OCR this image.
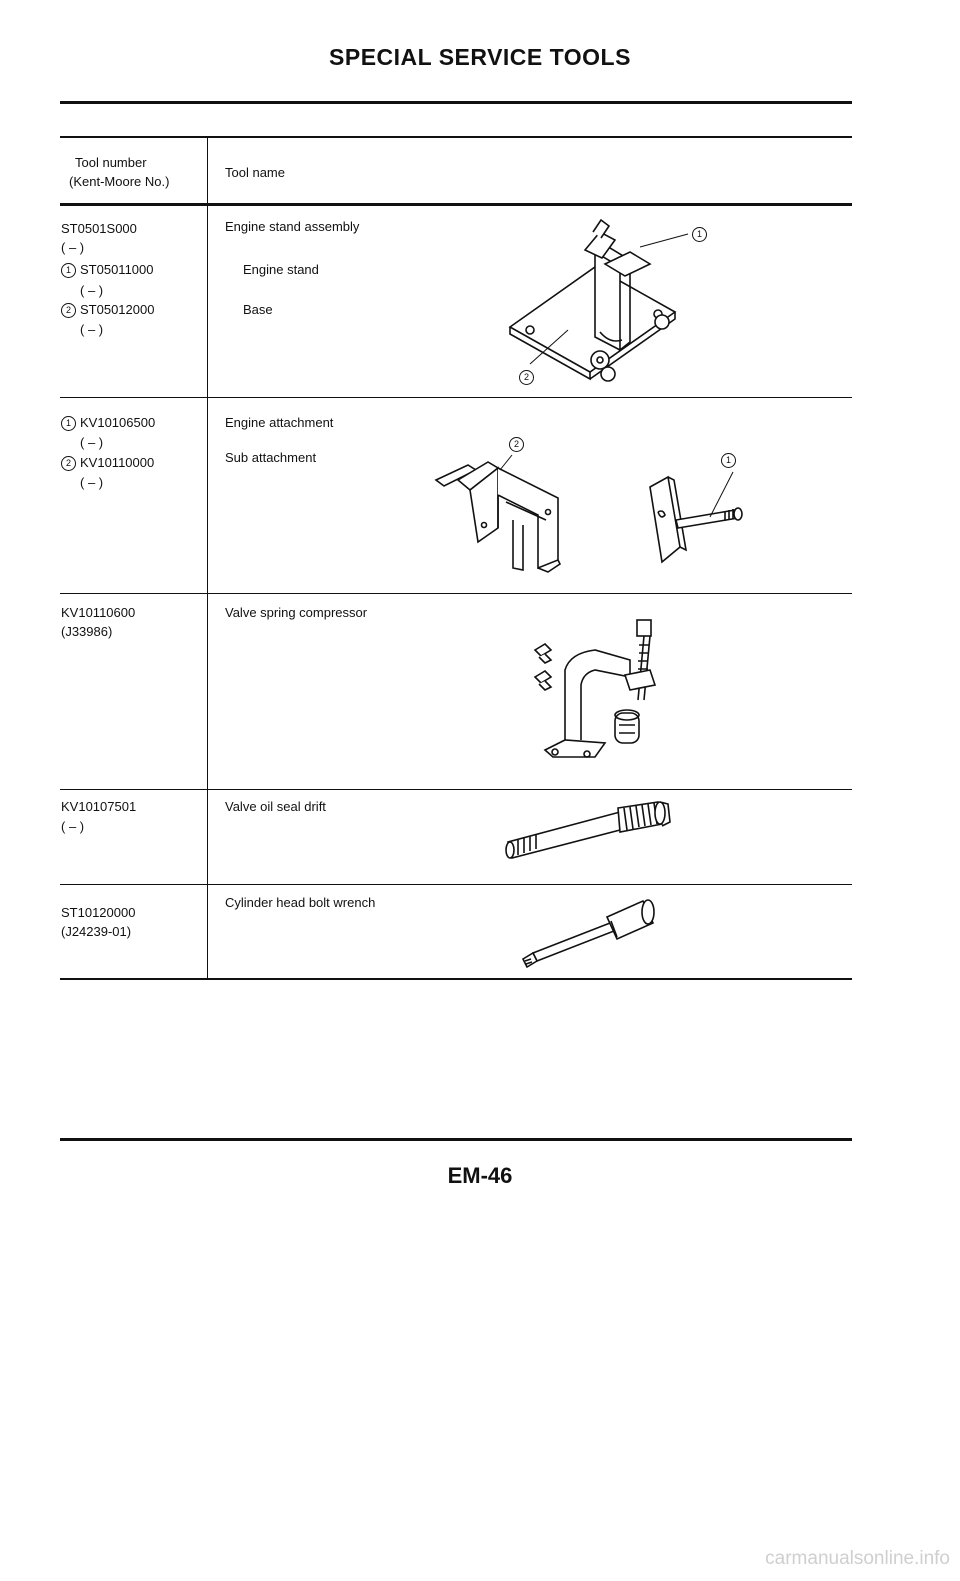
SPECIAL SERVICE TOOLS
Tool number
(Kent-Moore No.)
Tool name
ST0501S000
( – )
1 ST05011000
( – )
2 ST05012000
( – )
Engine stand assembly
Engine stand
Base
1
2
1 KV10106500
( – )
2 KV10110000
( – )
Engine attachment
Sub attachment
2
1
KV10110600
(J33986)
Valve spring compressor
KV10107501
( – )
Valve oil seal drift
ST10120000
(J24239-01)
Cylinder head bolt wrench
EM-46
carmanualsonline.info
